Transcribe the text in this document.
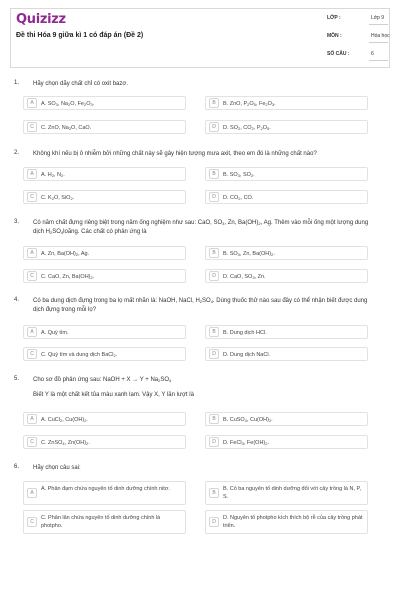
Quizizz
Đề thi Hóa 9 giữa kì 1 có đáp án (Đề 2)
LỚP :	Lớp 9
MÔN :	Hóa học
SỐ CÂU :	6
1. Hãy chọn dãy chất chỉ có oxit bazơ.
A	A. $SO_3$, $Na_2O$, $Fe_2O_3$.	B	B. ZnO, $P_2O_5$, $Fe_2O_3$.
C	C. ZnO, $Na_2O$, CaO.	D	D. $SO_2$, $CO_2$, $P_2O_5$.
2. Không khí nếu bị ô nhiễm bởi những chất này sẽ gây hiện tượng mưa axit, theo em đó là những chất nào?
A	A. $H_2$, $N_2$.	B	B. $SO_3$, $SO_2$.
C	C. $K_2O$, SiO$_2$.	D	D. $CO_2$, CO.
3. Có năm chất đựng riêng biệt trong năm ống nghiệm như sau: CaO, $SO_3$, Zn, $Ba(OH)_2$, Ag. Thêm vào mỗi ống một lượng dung dịch $H_2SO_4loãng$. Các chất có phản ứng là
A	A. Zn, $Ba(OH)_2$, Ag.	B	B. $SO_3$, Zn, $Ba(OH)_2$.
C	C. CaO, Zn, $Ba(OH)_2$.	D	D. CaO, $SO_3$, Zn.
4. Có ba dung dịch đựng trong ba lọ mất nhãn là: NaOH, NaCl, $H_2SO_4$. Dùng thuốc thử nào sau đây có thể nhận biết được dung dịch đựng trong mỗi lọ?
A	A. Quỳ tím.	B	B. Dung dịch HCl.
C	C. Quỳ tím và dung dịch BaCl$_2$.	D	D. Dung dịch NaCl.
5. Cho sơ đồ phản ứng sau: NaOH + $X \to Y + Na_2SO_4$
Biết Y là một chất kết tủa màu xanh lam. Vậy X, Y lần lượt là
A	A. CuCl$_2$, $Cu(OH)_2$.	B	B. CuSO$_4$, $Cu(OH)_2$.
C	C. ZnSO$_4$, $Zn(OH)_2$.	D	D. FeCl$_3$, $Fe(OH)_2$.
6. Hãy chọn câu sai:
A
A. Phân đạm chứa nguyên tố dinh dưỡng chính nitơ.
B
B. Có ba nguyên tố dinh dưỡng đối với cây trồng là N, P, S.
C
C. Phân lân chứa nguyên tố dinh dưỡng chính là photpho.
D
D. Nguyên tố photpho kích thích bộ rễ của cây trồng phát triển.
